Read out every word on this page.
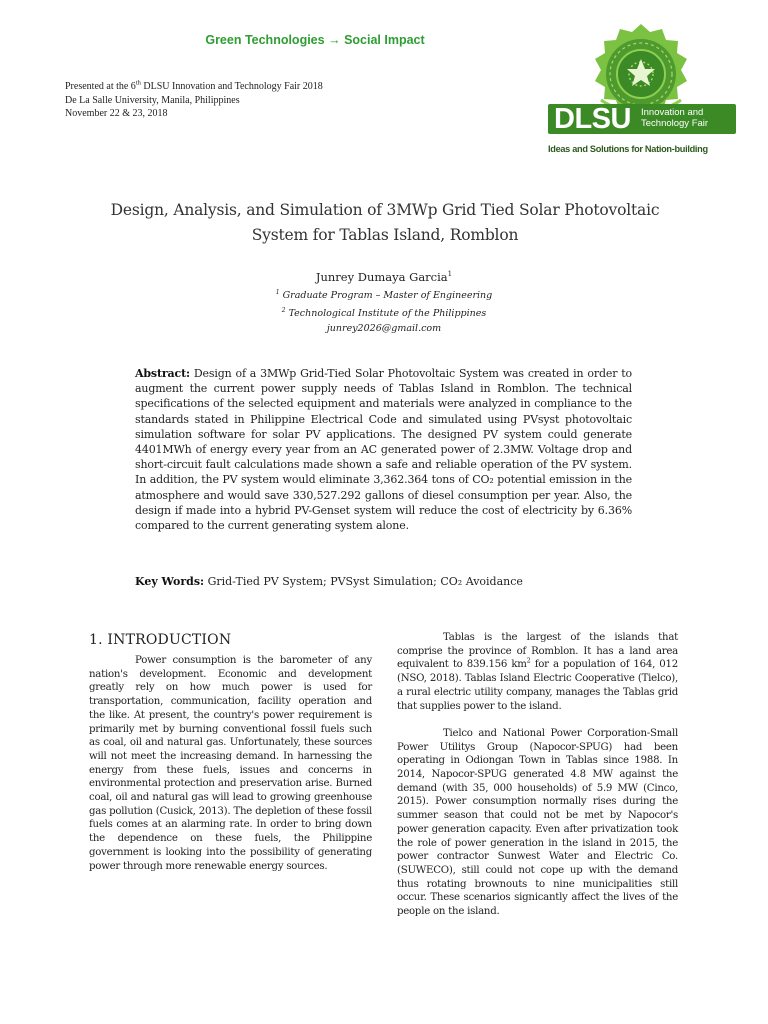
Green Technologies → Social Impact
Presented at the 6th DLSU Innovation and Technology Fair 2018
De La Salle University, Manila, Philippines
November 22 & 23, 2018	DLSU Innovation and
Technology Fair
Ideas and Solutions for Nation-building
Design, Analysis, and Simulation of 3MWp Grid Tied Solar Photovoltaic
System for Tablas Island, Romblon
Junrey Dumaya Garcia$^1$
$^1$ Graduate Program – Master of Engineering
$^2$ Technological Institute of the Philippines
junrey2026@gmail.com
Abstract: Design of a 3MWp Grid-Tied Solar Photovoltaic System was created in order to augment the current power supply needs of Tablas Island in Romblon. The technical specifications of the selected equipment and materials were analyzed in compliance to the standards stated in Philippine Electrical Code and simulated using PVsyst photovoltaic simulation software for solar PV applications. The designed PV system could generate 4401MWh of energy every year from an AC generated power of 2.3MW. Voltage drop and short-circuit fault calculations made shown a safe and reliable operation of the PV system. In addition, the PV system would eliminate 3,362.364 tons of CO₂ potential emission in the atmosphere and would save 330,527.292 gallons of diesel consumption per year. Also, the design if made into a hybrid PV-Genset system will reduce the cost of electricity by 6.36% compared to the current generating system alone.
Key Words: Grid-Tied PV System; PVSyst Simulation; CO₂ Avoidance
1. INTRODUCTION

Power consumption is the barometer of any nation's development. Economic and development greatly rely on how much power is used for transportation, communication, facility operation and the like. At present, the country's power requirement is primarily met by burning conventional fossil fuels such as coal, oil and natural gas. Unfortunately, these sources will not meet the increasing demand. In harnessing the energy from these fuels, issues and concerns in environmental protection and preservation arise. Burned coal, oil and natural gas will lead to growing greenhouse gas pollution (Cusick, 2013). The depletion of these fossil fuels comes at an alarming rate. In order to bring down the dependence on these fuels, the Philippine government is looking into the possibility of generating power through more renewable energy sources.

Tablas is the largest of the islands that comprise the province of Romblon. It has a land area equivalent to 839.156 $km^2$ for a population of 164, 012 (NSO, 2018). Tablas Island Electric Cooperative (Tielco), a rural electric utility company, manages the Tablas grid that supplies power to the island.

Tielco and National Power Corporation-Small Power Utilitys Group (Napocor-SPUG) had been operating in Odiongan Town in Tablas since 1988. In 2014, Napocor-SPUG generated 4.8 MW against the demand (with 35, 000 households) of 5.9 MW (Cinco, 2015). Power consumption normally rises during the summer season that could not be met by Napocor's power generation capacity. Even after privatization took the role of power generation in the island in 2015, the power contractor Sunwest Water and Electric Co. (SUWECO), still could not cope up with the demand thus rotating brownouts to nine municipalities still occur. These scenarios signicantly affect the lives of the people on the island.
